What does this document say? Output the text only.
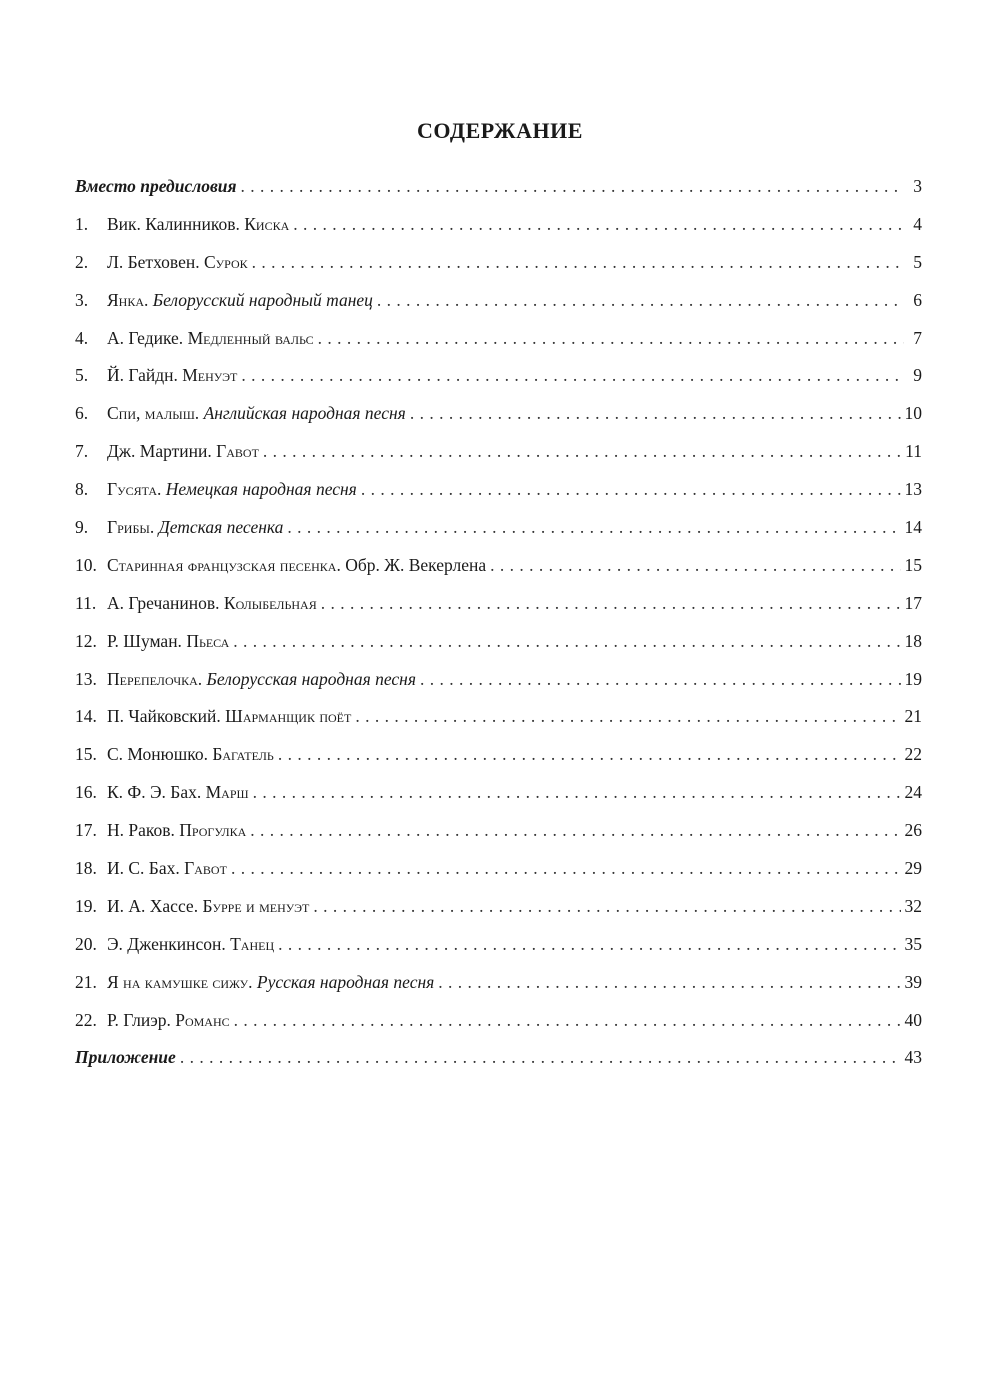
СОДЕРЖАНИЕ
Вместо предисловия . . .	3
1.	Вик. Калинников. Киска . . .	4
2.	Л. Бетховен. Сурок . . .	5
3.	Янка. Белорусский народный танец . . .	6
4.	А. Гедике. Медленный вальс . . .	7
5.	Й. Гайдн. Менуэт . . .	9
6.	Спи, малыш. Английская народная песня . . .	10
7.	Дж. Мартини. Гавот . . .	11
8.	Гусята. Немецкая народная песня . . .	13
9.	Грибы. Детская песенка . . .	14
10. Старинная французская песенка. Обр. Ж. Векерлена . . .	15
11. А. Гречанинов. Колыбельная . . .	17
12. Р. Шуман. Пьеса . . .	18
13. Перепелочка. Белорусская народная песня . . .	19
14. П. Чайковский. Шарманщик поёт . . .	21
15. С. Монюшко. Багатель . . .	22
16. К. Ф. Э. Бах. Марш . . .	24
17. Н. Раков. Прогулка . . .	26
18. И. С. Бах. Гавот . . .	29
19. И. А. Хассе. Бурре и менуэт . . .	32
20. Э. Дженкинсон. Танец . . .	35
21. Я на камушке сижу. Русская народная песня . . .	39
22. Р. Глиэр. Романс . . .	40
Приложение . . .	43
